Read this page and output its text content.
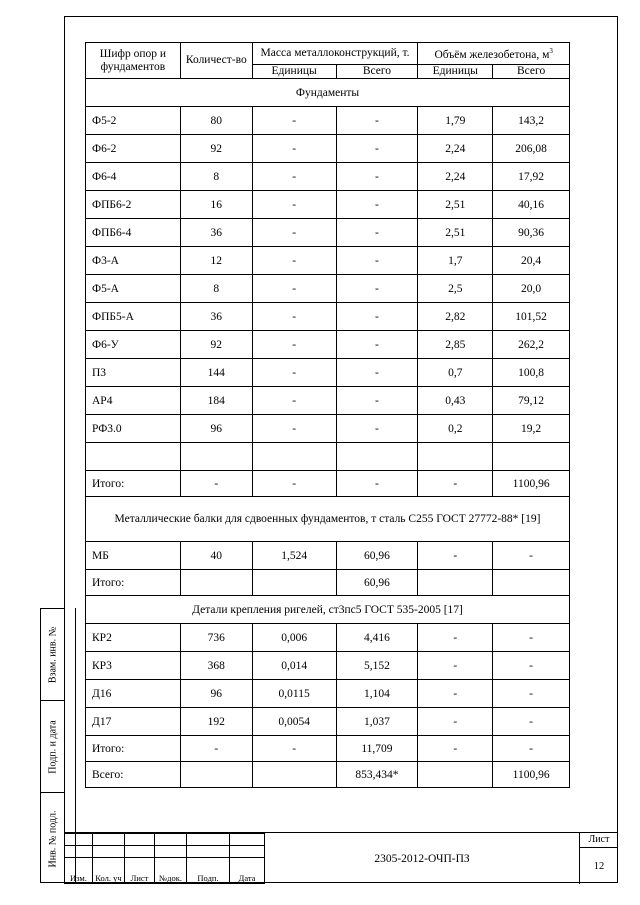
Взам. инв. №
Подп. и дата
Инв. № подл.
Шифр опор и фундаментов	Количест-во	Масса металлоконструкций, т.		Объём железобетона, $м^3$
		Единицы	Всего	Единицы	Всего
Фундаменты					
Ф5-2	80	-	-	1,79	143,2
Ф6-2	92	-	-	2,24	206,08
Ф6-4	8	-	-	2,24	17,92
ФПБ6-2	16	-	-	2,51	40,16
ФПБ6-4	36	-	-	2,51	90,36
Ф3-А	12	-	-	1,7	20,4
Ф5-А	8	-	-	2,5	20,0
ФПБ5-А	36	-	-	2,82	101,52
Ф6-У	92	-	-	2,85	262,2
П3	144	-	-	0,7	100,8
АР4	184	-	-	0,43	79,12
РФ3.0	96	-	-	0,2	19,2

Итого:	-	-	-	-	1100,96
Металлические балки для сдвоенных фундаментов, т сталь С255 ГОСТ 27772-88* [19]					
МБ	40	1,524	60,96	-	-
Итого:			60,96		
Детали крепления ригелей, ст3пс5 ГОСТ 535-2005 [17]					
КР2	736	0,006	4,416	-	-
КР3	368	0,014	5,152	-	-
Д16	96	0,0115	1,104	-	-
Д17	192	0,0054	1,037	-	-
Итого:	-	-	11,709	-	-
Всего:			853,434*		1100,96

Изм.	Кол. уч	Лист	№док.	Подп.	Дата
2305-2012-ОЧП-ПЗ
Лист
12
